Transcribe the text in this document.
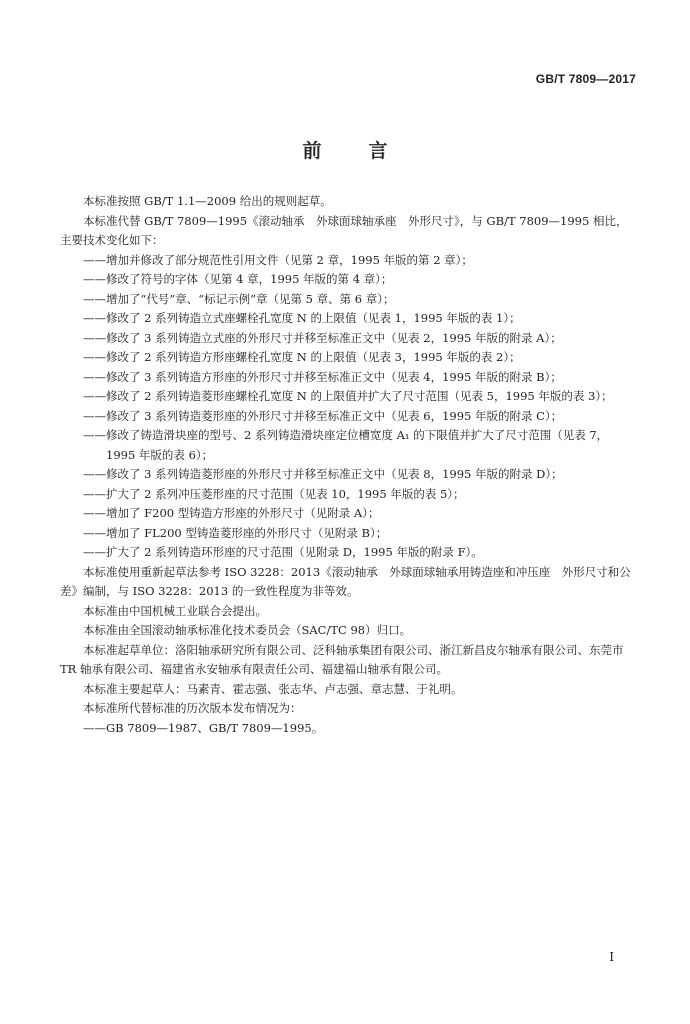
GB/T 7809—2017
前　言

本标准按照 GB/T 1.1—2009 给出的规则起草。

本标准代替 GB/T 7809—1995《滚动轴承　外球面球轴承座　外形尺寸》，与 GB/T 7809—1995 相比，主要技术变化如下：

——增加并修改了部分规范性引用文件（见第 2 章，1995 年版的第 2 章）；

——修改了符号的字体（见第 4 章，1995 年版的第 4 章）；

——增加了“代号”章、“标记示例”章（见第 5 章、第 6 章）；

——修改了 2 系列铸造立式座螺栓孔宽度 N 的上限值（见表 1，1995 年版的表 1）；

——修改了 3 系列铸造立式座的外形尺寸并移至标准正文中（见表 2，1995 年版的附录 A）；

——修改了 2 系列铸造方形座螺栓孔宽度 N 的上限值（见表 3，1995 年版的表 2）；

——修改了 3 系列铸造方形座的外形尺寸并移至标准正文中（见表 4，1995 年版的附录 B）；

——修改了 2 系列铸造菱形座螺栓孔宽度 N 的上限值并扩大了尺寸范围（见表 5，1995 年版的表 3）；

——修改了 3 系列铸造菱形座的外形尺寸并移至标准正文中（见表 6，1995 年版的附录 C）；

——修改了铸造滑块座的型号、2 系列铸造滑块座定位槽宽度 A₁ 的下限值并扩大了尺寸范围（见表 7，1995 年版的表 6）；

——修改了 3 系列铸造菱形座的外形尺寸并移至标准正文中（见表 8，1995 年版的附录 D）；

——扩大了 2 系列冲压菱形座的尺寸范围（见表 10，1995 年版的表 5）；

——增加了 F200 型铸造方形座的外形尺寸（见附录 A）；

——增加了 FL200 型铸造菱形座的外形尺寸（见附录 B）；

——扩大了 2 系列铸造环形座的尺寸范围（见附录 D，1995 年版的附录 F）。

本标准使用重新起草法参考 ISO 3228：2013《滚动轴承　外球面球轴承用铸造座和冲压座　外形尺寸和公差》编制，与 ISO 3228：2013 的一致性程度为非等效。

本标准由中国机械工业联合会提出。

本标准由全国滚动轴承标准化技术委员会（SAC/TC 98）归口。

本标准起草单位：洛阳轴承研究所有限公司、泛科轴承集团有限公司、浙江新昌皮尔轴承有限公司、东莞市 TR 轴承有限公司、福建省永安轴承有限责任公司、福建福山轴承有限公司。

本标准主要起草人：马素青、霍志强、张志华、卢志强、章志慧、于礼明。

本标准所代替标准的历次版本发布情况为：

——GB 7809—1987、GB/T 7809—1995。

I
